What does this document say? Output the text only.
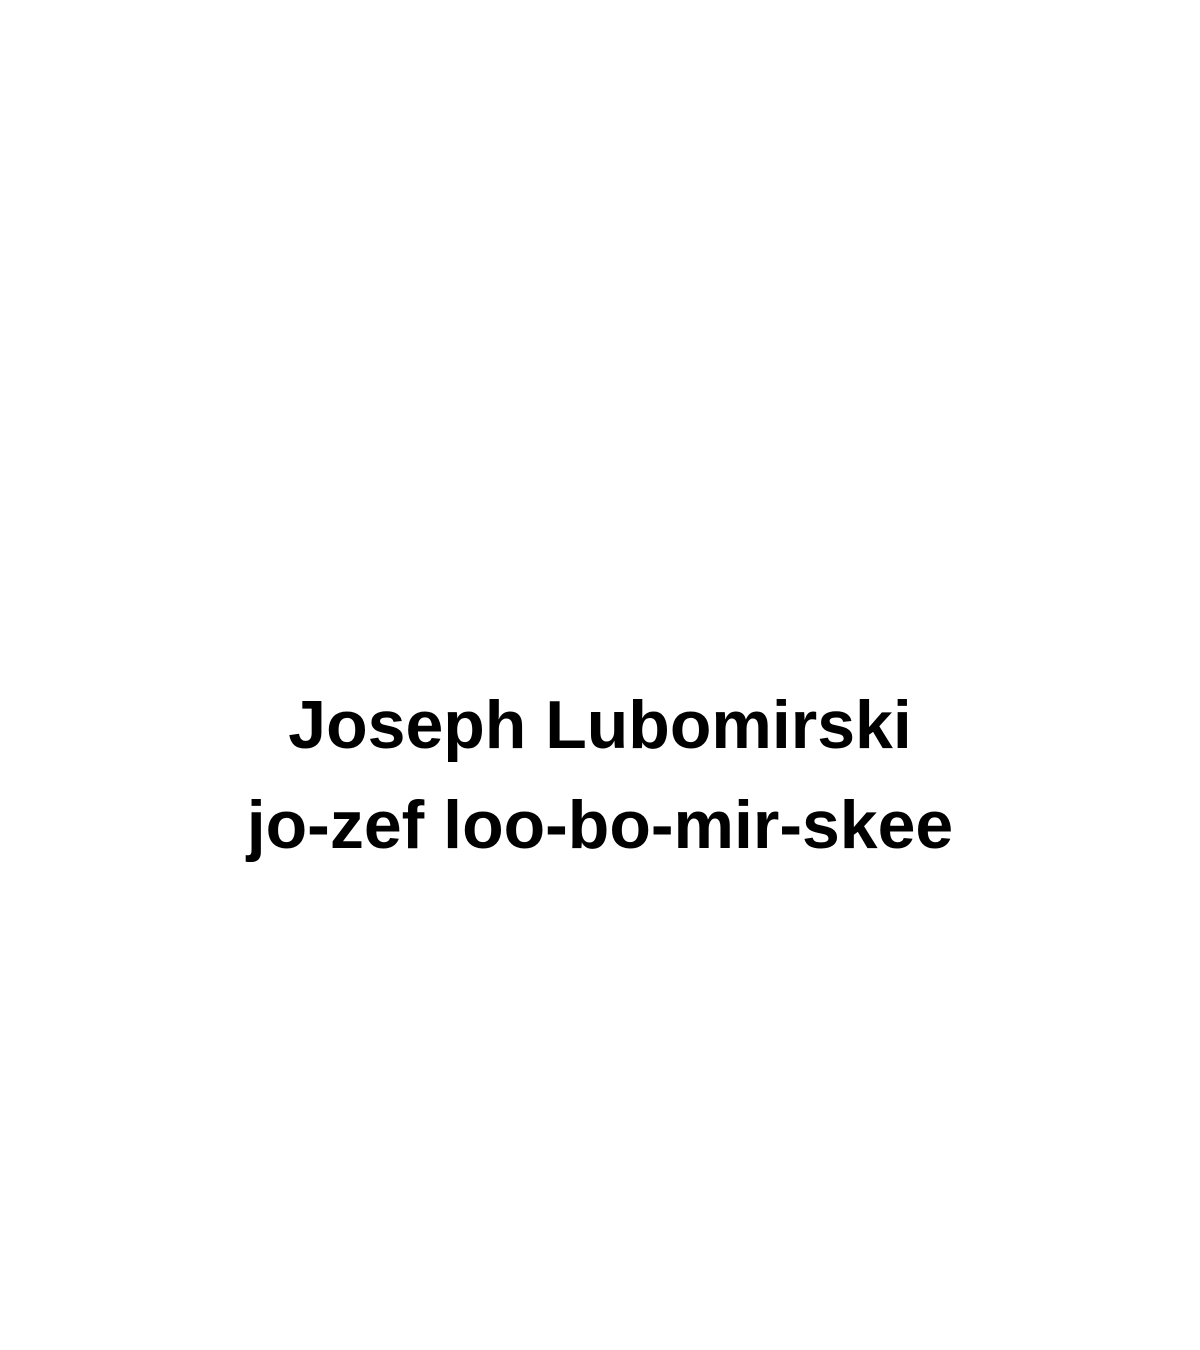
Joseph Lubomirski
jo-zef loo-bo-mir-skee
